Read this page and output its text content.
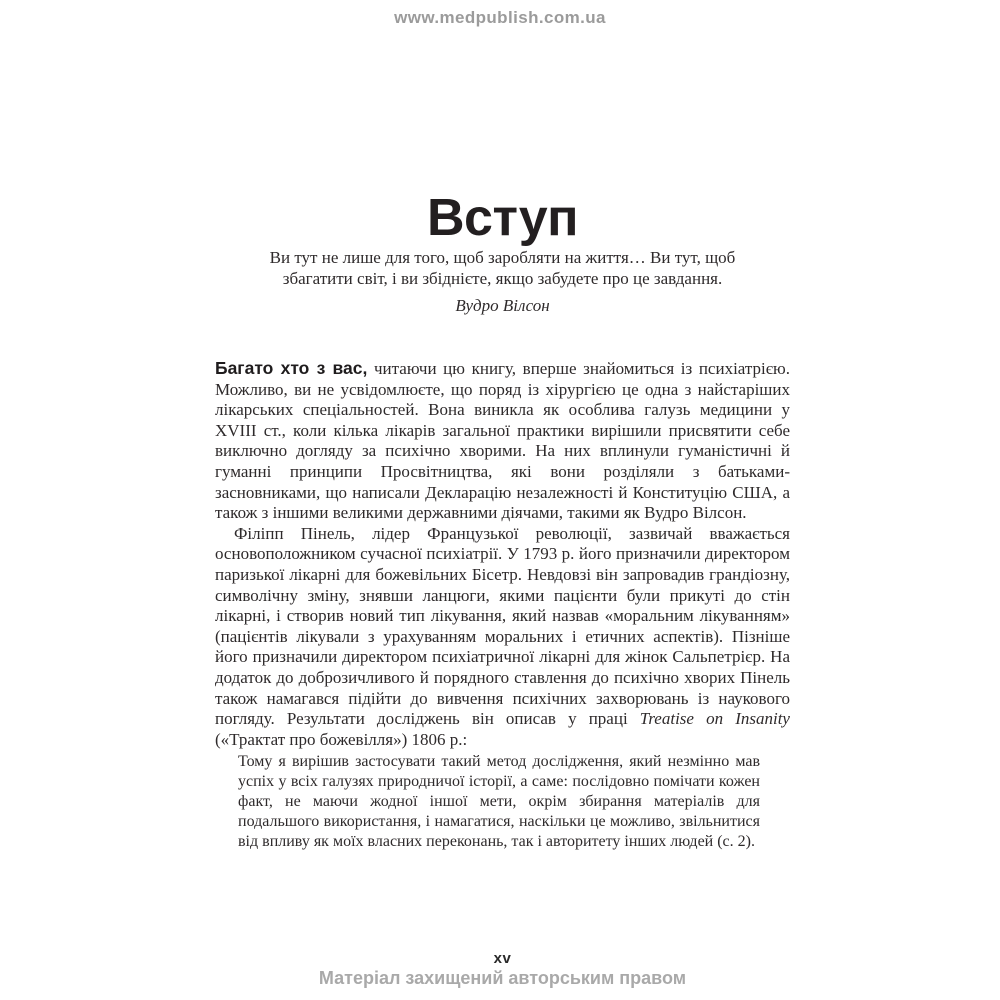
www.medpublish.com.ua
Вступ
Ви тут не лише для того, щоб заробляти на життя… Ви тут, щоб збагатити світ, і ви збіднієте, якщо забудете про це завдання.
Вудро Вілсон

Багато хто з вас, читаючи цю книгу, вперше знайомиться із психіатрією. Можливо, ви не усвідомлюєте, що поряд із хірургією це одна з найстаріших лікарських спеціальностей. Вона виникла як особлива галузь медицини у XVIII ст., коли кілька лікарів загальної практики вирішили присвятити себе виключно догляду за психічно хворими. На них вплинули гуманістичні й гуманні принципи Просвітництва, які вони розділяли з батьками-засновниками, що написали Декларацію незалежності й Конституцію США, а також з іншими великими державними діячами, такими як Вудро Вілсон.

Філіпп Пінель, лідер Французької революції, зазвичай вважається основоположником сучасної психіатрії. У 1793 р. його призначили директором паризької лікарні для божевільних Бісетр. Невдовзі він запровадив грандіозну, символічну зміну, знявши ланцюги, якими пацієнти були прикуті до стін лікарні, і створив новий тип лікування, який назвав «моральним лікуванням» (пацієнтів лікували з урахуванням моральних і етичних аспектів). Пізніше його призначили директором психіатричної лікарні для жінок Сальпетрієр. На додаток до доброзичливого й порядного ставлення до психічно хворих Пінель також намагався підійти до вивчення психічних захворювань із наукового погляду. Результати досліджень він описав у праці Treatise on Insanity («Трактат про божевілля») 1806 р.:

Тому я вирішив застосувати такий метод дослідження, який незмінно мав успіх у всіх галузях природничої історії, а саме: послідовно помічати кожен факт, не маючи жодної іншої мети, окрім збирання матеріалів для подальшого використання, і намагатися, наскільки це можливо, звільнитися від впливу як моїх власних переконань, так і авторитету інших людей (с. 2).
xv
Матеріал захищений авторським правом
